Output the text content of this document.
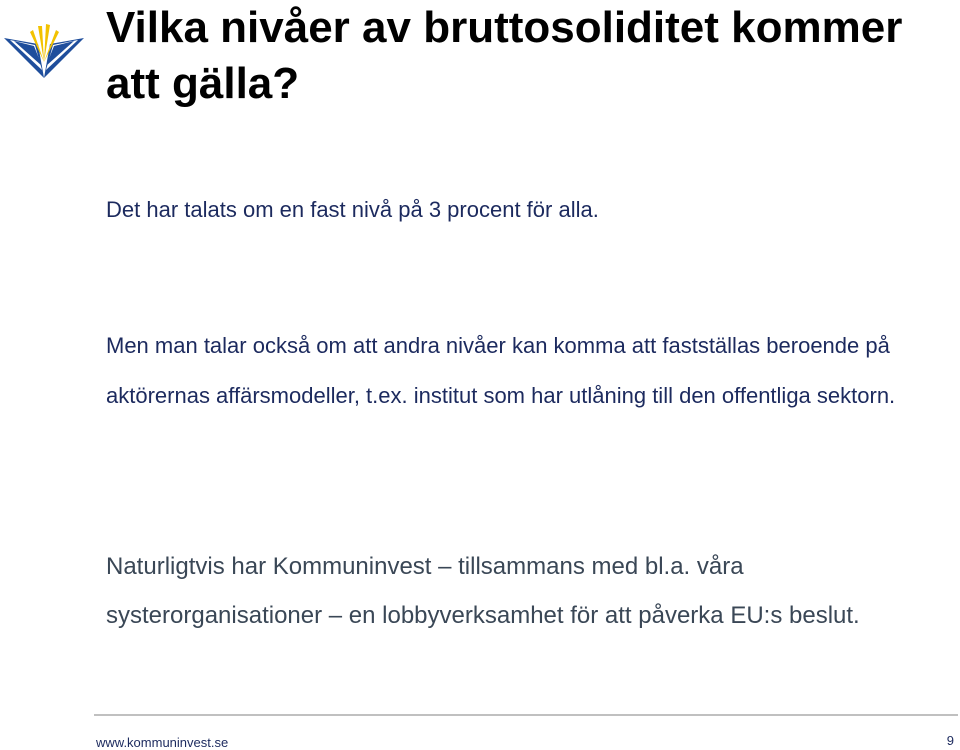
Vilka nivåer av bruttosoliditet kommer att gälla?

Det har talats om en fast nivå på 3 procent för alla.

Men man talar också om att andra nivåer kan komma att fastställas beroende på aktörernas affärsmodeller, t.ex. institut som har utlåning till den offentliga sektorn.

Naturligtvis har Kommuninvest – tillsammans med bl.a. våra systerorganisationer – en lobbyverksamhet för att påverka EU:s beslut.

www.kommuninvest.se	9
